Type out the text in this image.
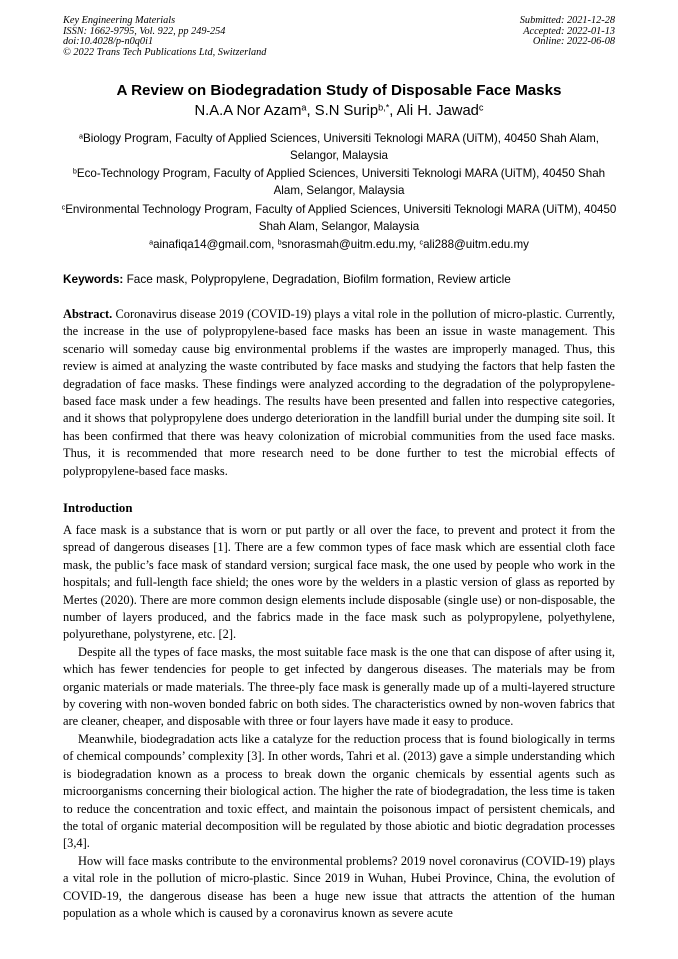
Key Engineering Materials
ISSN: 1662-9795, Vol. 922, pp 249-254
doi:10.4028/p-n0q0i1
© 2022 Trans Tech Publications Ltd, Switzerland
Submitted: 2021-12-28
Accepted: 2022-01-13
Online: 2022-06-08
A Review on Biodegradation Study of Disposable Face Masks
N.A.A Nor Azam$^a$, S.N Surip$^{b,*}$, Ali H. Jawad$^c$
$^a$Biology Program, Faculty of Applied Sciences, Universiti Teknologi MARA (UiTM), 40450 Shah Alam, Selangor, Malaysia
$^b$Eco-Technology Program, Faculty of Applied Sciences, Universiti Teknologi MARA (UiTM), 40450 Shah Alam, Selangor, Malaysia
$^c$Environmental Technology Program, Faculty of Applied Sciences, Universiti Teknologi MARA (UiTM), 40450 Shah Alam, Selangor, Malaysia
$^a$ainafiqa14@gmail.com, $^b$snorasmah@uitm.edu.my, $^c$ali288@uitm.edu.my
Keywords: Face mask, Polypropylene, Degradation, Biofilm formation, Review article
Abstract. Coronavirus disease 2019 (COVID-19) plays a vital role in the pollution of micro-plastic. Currently, the increase in the use of polypropylene-based face masks has been an issue in waste management. This scenario will someday cause big environmental problems if the wastes are improperly managed. Thus, this review is aimed at analyzing the waste contributed by face masks and studying the factors that help fasten the degradation of face masks. These findings were analyzed according to the degradation of the polypropylene-based face mask under a few headings. The results have been presented and fallen into respective categories, and it shows that polypropylene does undergo deterioration in the landfill burial under the dumping site soil. It has been confirmed that there was heavy colonization of microbial communities from the used face masks. Thus, it is recommended that more research need to be done further to test the microbial effects of polypropylene-based face masks.
Introduction

A face mask is a substance that is worn or put partly or all over the face, to prevent and protect it from the spread of dangerous diseases [1]. There are a few common types of face mask which are essential cloth face mask, the public’s face mask of standard version; surgical face mask, the one used by people who work in the hospitals; and full-length face shield; the ones wore by the welders in a plastic version of glass as reported by Mertes (2020). There are more common design elements include disposable (single use) or non-disposable, the number of layers produced, and the fabrics made in the face mask such as polypropylene, polyethylene, polyurethane, polystyrene, etc. [2].

Despite all the types of face masks, the most suitable face mask is the one that can dispose of after using it, which has fewer tendencies for people to get infected by dangerous diseases. The materials may be from organic materials or made materials. The three-ply face mask is generally made up of a multi-layered structure by covering with non-woven bonded fabric on both sides. The characteristics owned by non-woven fabrics that are cleaner, cheaper, and disposable with three or four layers have made it easy to produce.

Meanwhile, biodegradation acts like a catalyze for the reduction process that is found biologically in terms of chemical compounds’ complexity [3]. In other words, Tahri et al. (2013) gave a simple understanding which is biodegradation known as a process to break down the organic chemicals by essential agents such as microorganisms concerning their biological action. The higher the rate of biodegradation, the less time is taken to reduce the concentration and toxic effect, and maintain the poisonous impact of persistent chemicals, and the total of organic material decomposition will be regulated by those abiotic and biotic degradation processes [3,4].

How will face masks contribute to the environmental problems? 2019 novel coronavirus (COVID-19) plays a vital role in the pollution of micro-plastic. Since 2019 in Wuhan, Hubei Province, China, the evolution of COVID-19, the dangerous disease has been a huge new issue that attracts the attention of the human population as a whole which is caused by a coronavirus known as severe acute
